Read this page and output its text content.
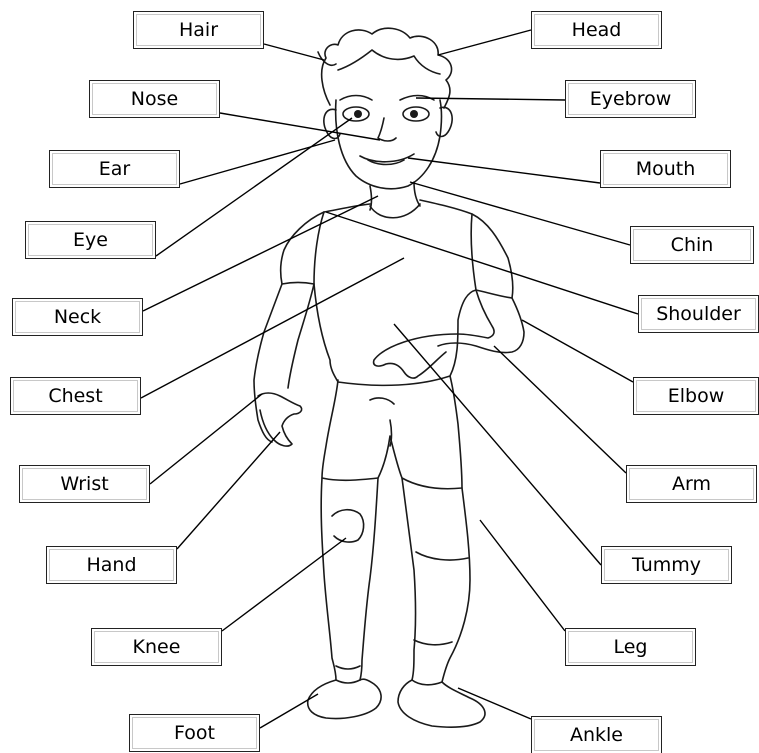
Hair	Head
Nose	Eyebrow
Ear	Mouth
Eye	Chin
Neck	Shoulder
Chest	Elbow
Wrist	Arm
Hand	Tummy
Knee	Leg
Foot	Ankle
